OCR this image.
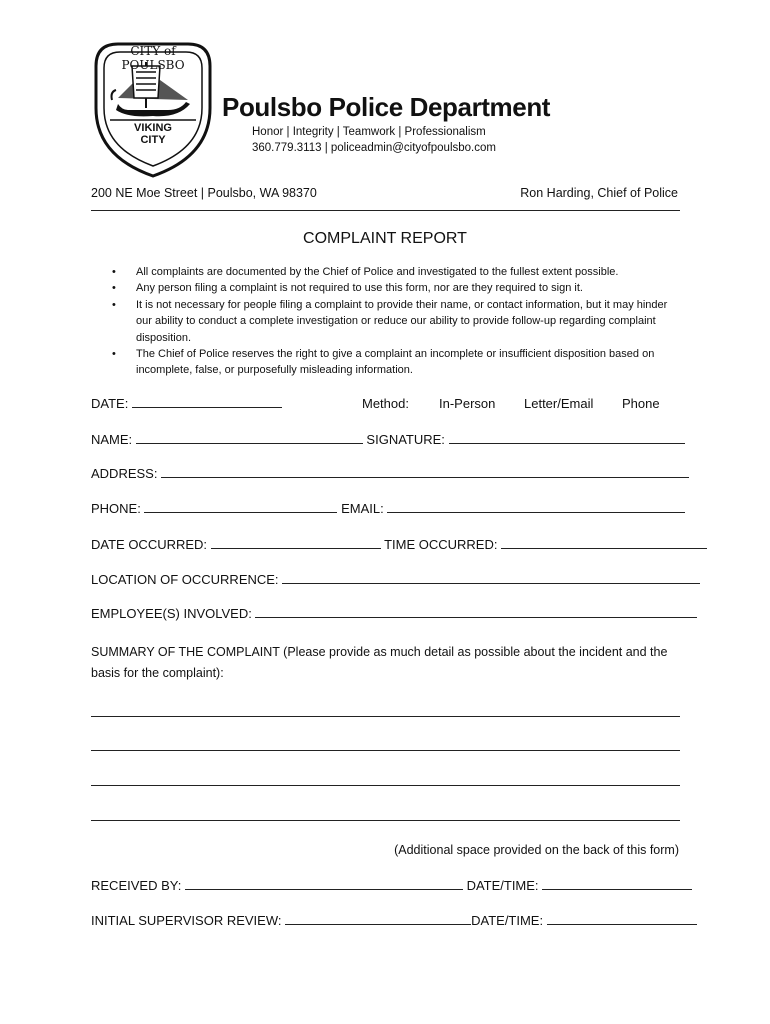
CITY of POULSBO
VIKING
CITY
Poulsbo Police Department
Honor | Integrity | Teamwork | Professionalism
360.779.3113 | policeadmin@cityofpoulsbo.com
200 NE Moe Street | Poulsbo, WA 98370	Ron Harding, Chief of Police
COMPLAINT REPORT
• All complaints are documented by the Chief of Police and investigated to the fullest extent possible.
• Any person filing a complaint is not required to use this form, nor are they required to sign it.
• It is not necessary for people filing a complaint to provide their name, or contact information, but it may hinder our ability to conduct a complete investigation or reduce our ability to provide follow-up regarding complaint disposition.
• The Chief of Police reserves the right to give a complaint an incomplete or insufficient disposition based on incomplete, false, or purposefully misleading information.
DATE:	Method: In-Person Letter/Email Phone
NAME:	SIGNATURE:
ADDRESS:
PHONE:	EMAIL:
DATE OCCURRED:	TIME OCCURRED:
LOCATION OF OCCURRENCE:
EMPLOYEE(S) INVOLVED:
SUMMARY OF THE COMPLAINT (Please provide as much detail as possible about the incident and the basis for the complaint):
(Additional space provided on the back of this form)
RECEIVED BY:	DATE/TIME:
INITIAL SUPERVISOR REVIEW:	DATE/TIME:
